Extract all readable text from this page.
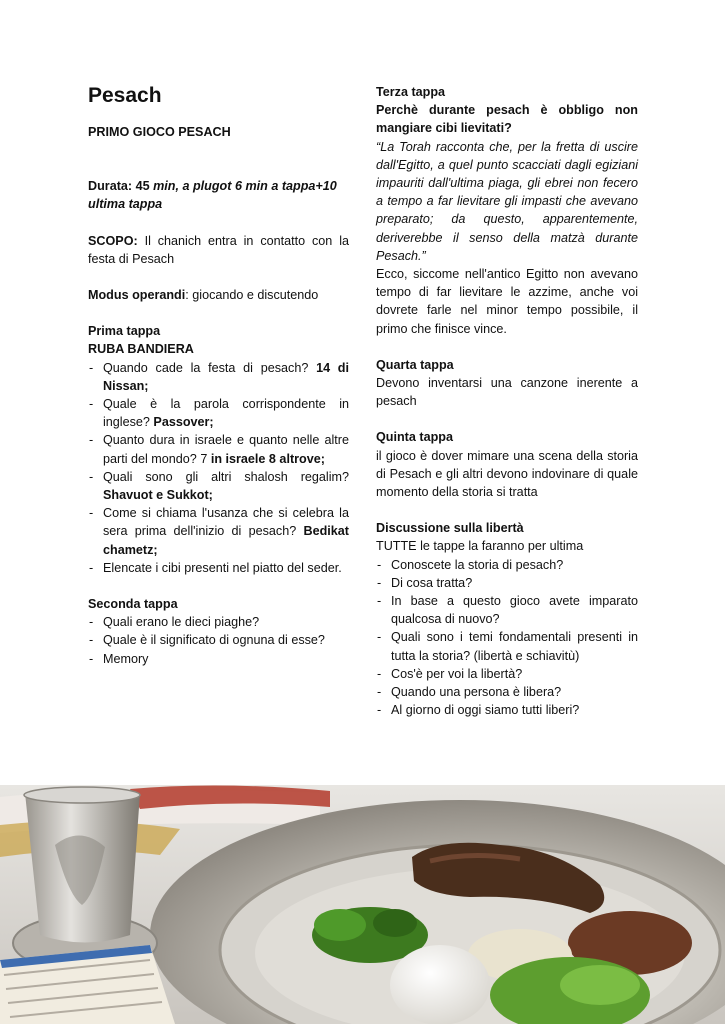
Pesach

PRIMO GIOCO PESACH

Durata: 45 min, a plugot 6 min a tappa+10 ultima tappa

SCOPO: Il chanich entra in contatto con la festa di Pesach

Modus operandi: giocando e discutendo

Prima tappa

RUBA BANDIERA

- Quando cade la festa di pesach? 14 di Nissan;
- Quale è la parola corrispondente in inglese? Passover;
- Quanto dura in israele e quanto nelle altre parti del mondo? 7 in israele 8 altrove;
- Quali sono gli altri shalosh regalim? Shavuot e Sukkot;
- Come si chiama l'usanza che si celebra la sera prima dell'inizio di pesach? Bedikat chametz;
- Elencate i cibi presenti nel piatto del seder.

Seconda tappa

- Quali erano le dieci piaghe?
- Quale è il significato di ognuna di esse?
- Memory

Terza tappa

Perchè durante pesach è obbligo non mangiare cibi lievitati?

“La Torah racconta che, per la fretta di uscire dall'Egitto, a quel punto scacciati dagli egiziani impauriti dall'ultima piaga, gli ebrei non fecero a tempo a far lievitare gli impasti che avevano preparato; da questo, apparentemente, deriverebbe il senso della matzà durante Pesach.”

Ecco, siccome nell'antico Egitto non avevano tempo di far lievitare le azzime, anche voi dovrete farle nel minor tempo possibile, il primo che finisce vince.

Quarta tappa

Devono inventarsi una canzone inerente a pesach

Quinta tappa

il gioco è dover mimare una scena della storia di Pesach e gli altri devono indovinare di quale momento della storia si tratta

Discussione sulla libertà

TUTTE le tappe la faranno per ultima

- Conoscete la storia di pesach?
- Di cosa tratta?
- In base a questo gioco avete imparato qualcosa di nuovo?
- Quali sono i temi fondamentali presenti in tutta la storia? (libertà e schiavitù)
- Cos'è per voi la libertà?
- Quando una persona è libera?
- Al giorno di oggi siamo tutti liberi?
